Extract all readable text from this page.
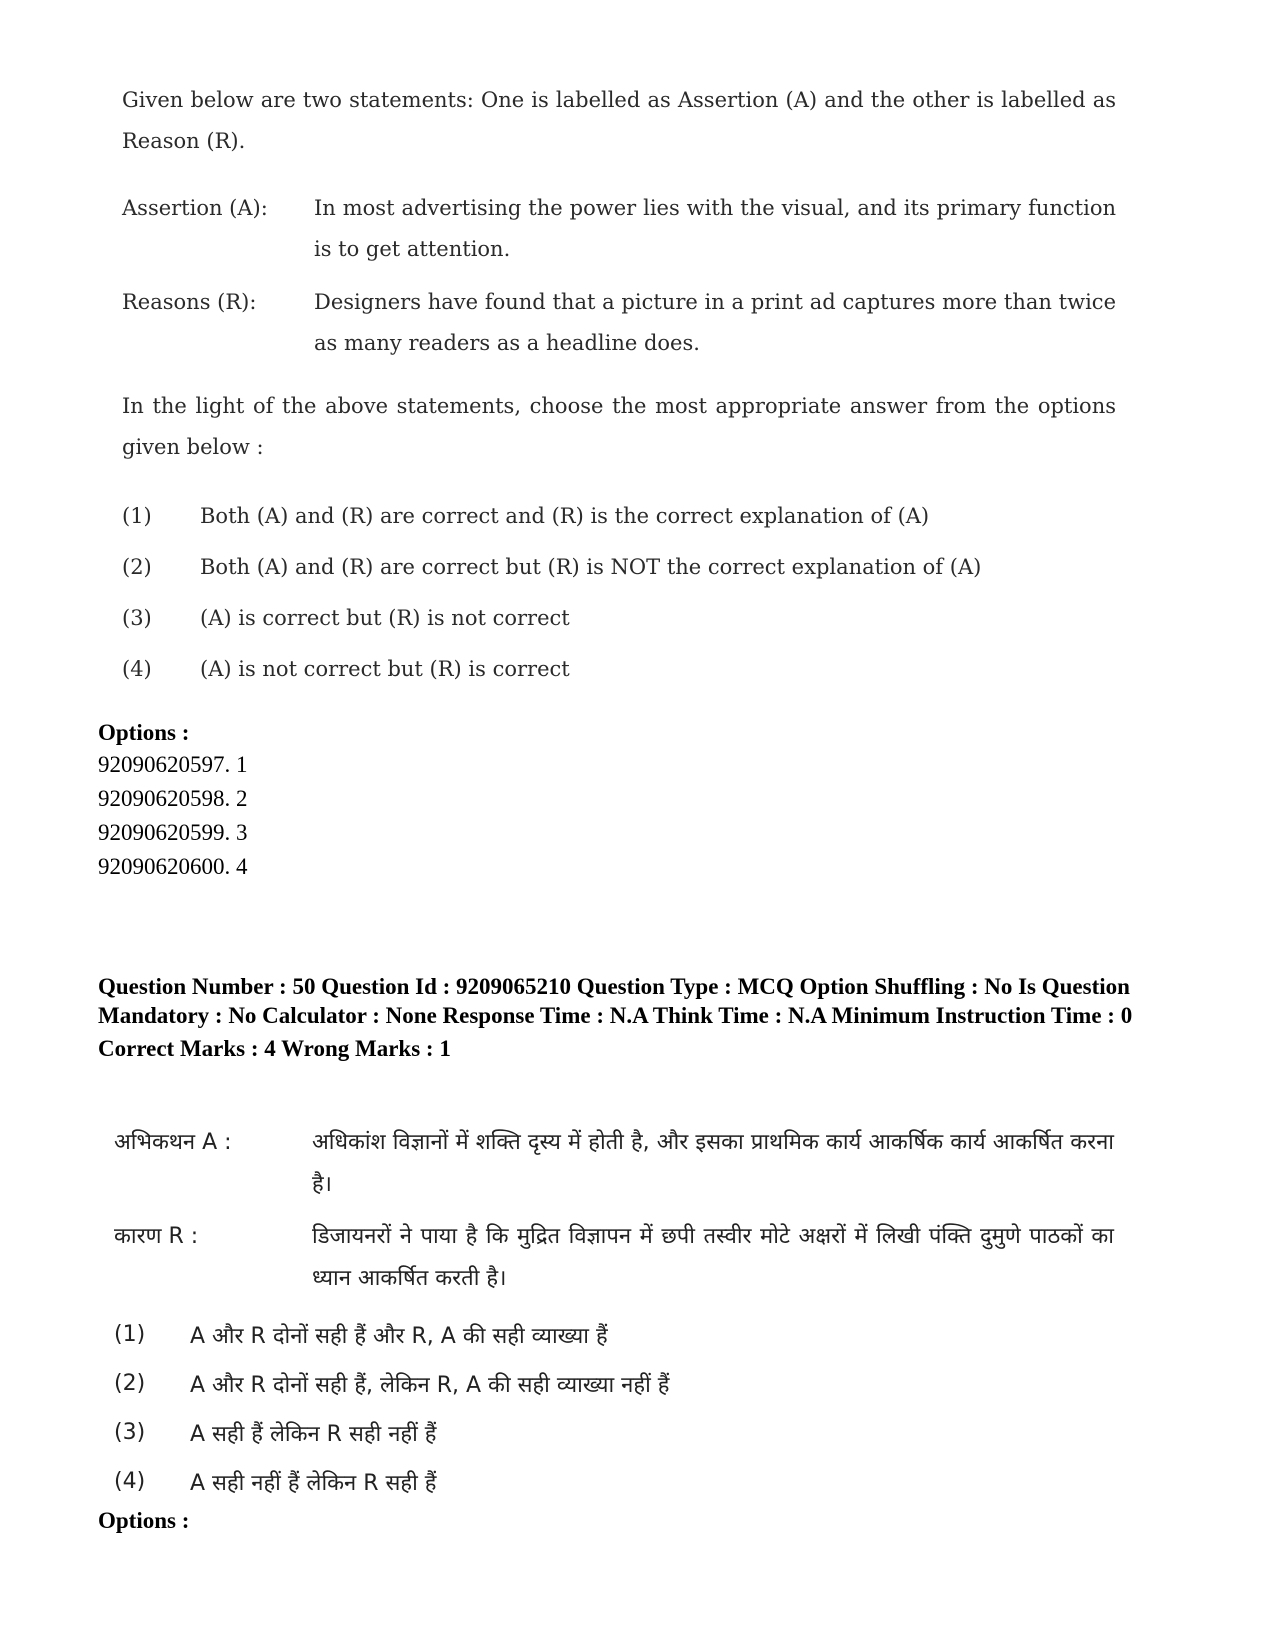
Given below are two statements: One is labelled as Assertion (A) and the other is labelled as Reason (R).

Assertion (A):	In most advertising the power lies with the visual, and its primary function is to get attention.
Reasons (R):	Designers have found that a picture in a print ad captures more than twice as many readers as a headline does.

In the light of the above statements, choose the most appropriate answer from the options given below :

(1)	Both (A) and (R) are correct and (R) is the correct explanation of (A)
(2)	Both (A) and (R) are correct but (R) is NOT the correct explanation of (A)
(3)	(A) is correct but (R) is not correct
(4)	(A) is not correct but (R) is correct
Options :
92090620597. 1
92090620598. 2
92090620599. 3
92090620600. 4
Question Number : 50 Question Id : 9209065210 Question Type : MCQ Option Shuffling : No Is Question Mandatory : No Calculator : None Response Time : N.A Think Time : N.A Minimum Instruction Time : 0
Correct Marks : 4 Wrong Marks : 1
अभिकथन A :	अधिकांश विज्ञानों में शक्ति दृस्य में होती है, और इसका प्राथमिक कार्य आकर्षिक कार्य आकर्षित करना है।
कारण R :	डिजायनरों ने पाया है कि मुद्रित विज्ञापन में छपी तस्वीर मोटे अक्षरों में लिखी पंक्ति दुमुणे पाठकों का ध्यान आकर्षित करती है।
(1)	A और R दोनों सही हैं और R, A की सही व्याख्या हैं
(2)	A और R दोनों सही हैं, लेकिन R, A की सही व्याख्या नहीं हैं
(3)	A सही हैं लेकिन R सही नहीं हैं
(4)	A सही नहीं हैं लेकिन R सही हैं
Options :
